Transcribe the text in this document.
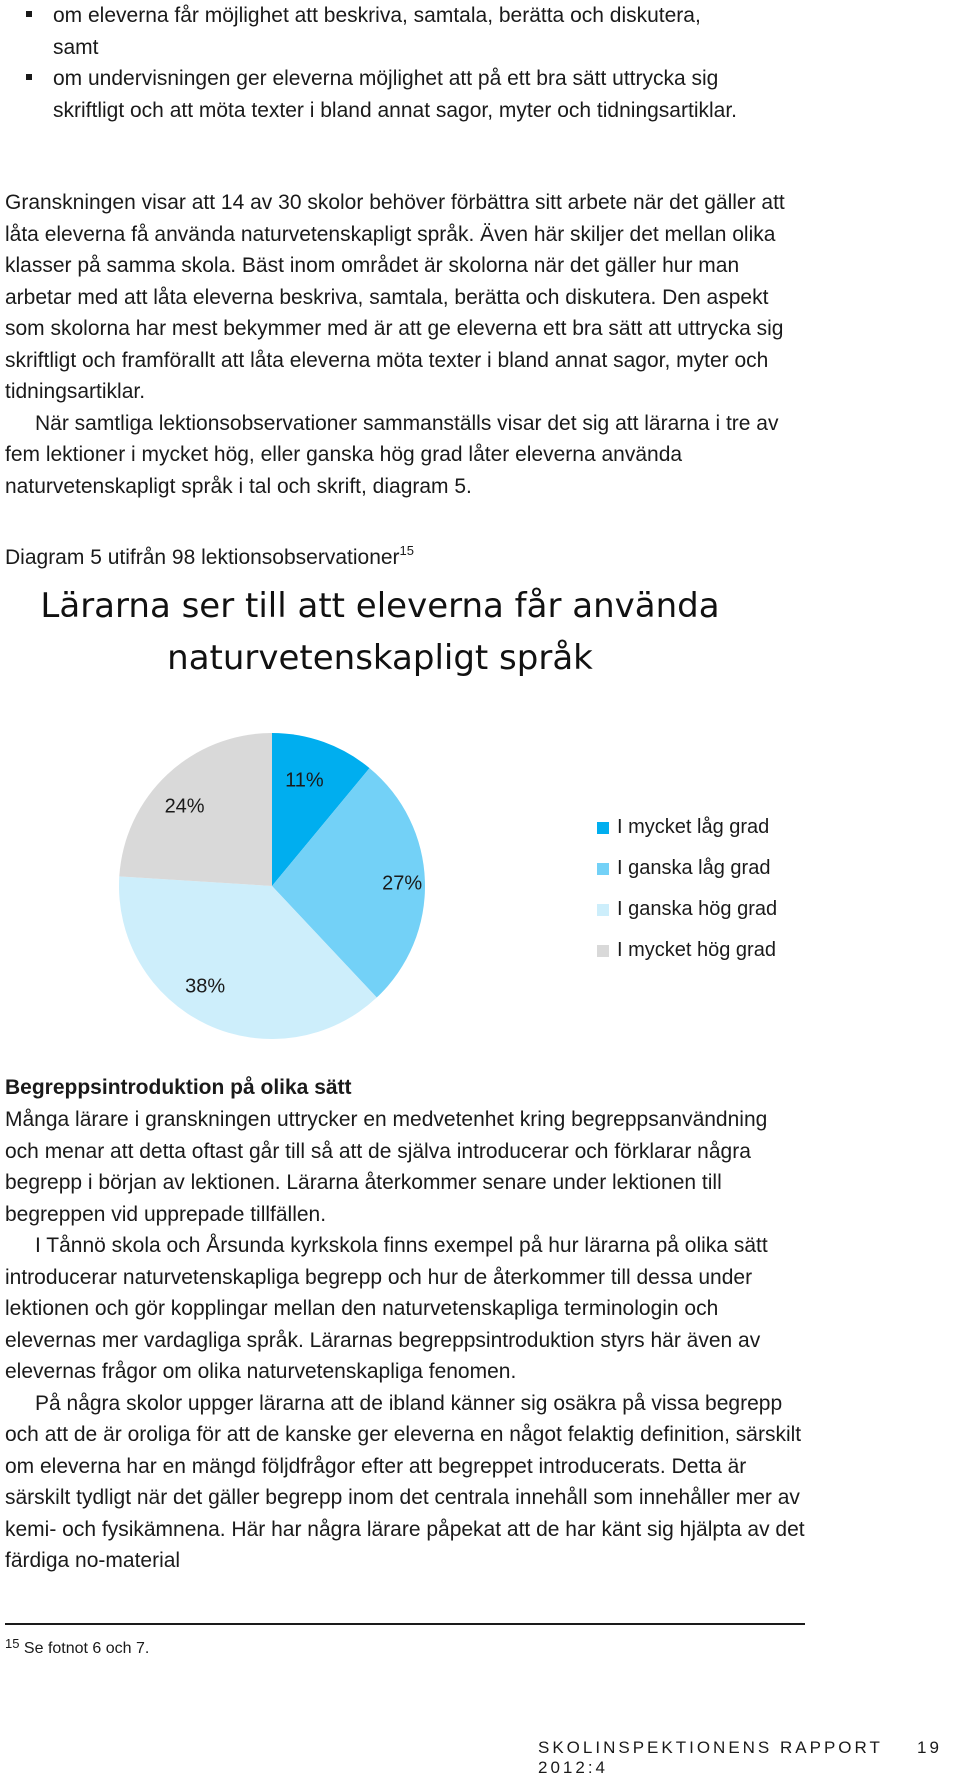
om eleverna får möjlighet att beskriva, samtala, berätta och diskutera, samt
om undervisningen ger eleverna möjlighet att på ett bra sätt uttrycka sig skriftligt och att möta texter i bland annat sagor, myter och tidningsartiklar.

Granskningen visar att 14 av 30 skolor behöver förbättra sitt arbete när det gäller att låta eleverna få använda naturvetenskapligt språk. Även här skiljer det mellan olika klasser på samma skola. Bäst inom området är skolorna när det gäller hur man arbetar med att låta eleverna beskriva, samtala, berätta och diskutera. Den aspekt som skolorna har mest bekymmer med är att ge eleverna ett bra sätt att uttrycka sig skriftligt och framförallt att låta eleverna möta texter i bland annat sagor, myter och tidningsartiklar.

När samtliga lektionsobservationer sammanställs visar det sig att lärarna i tre av fem lektioner i mycket hög, eller ganska hög grad låter eleverna använda naturvetenskapligt språk i tal och skrift, diagram 5.

Diagram 5 utifrån 98 lektionsobservationer$^{15}$
Lärarna ser till att eleverna får använda
naturvetenskapligt språk
11%
27%
38%
24%
I mycket låg grad
I ganska låg grad
I ganska hög grad
I mycket hög grad
Begreppsintroduktion på olika sätt

Många lärare i granskningen uttrycker en medvetenhet kring begreppsanvändning och menar att detta oftast går till så att de själva introducerar och förklarar några begrepp i början av lektionen. Lärarna återkommer senare under lektionen till begreppen vid upprepade tillfällen.

I Tånnö skola och Årsunda kyrkskola finns exempel på hur lärarna på olika sätt introducerar naturvetenskapliga begrepp och hur de återkommer till dessa under lektionen och gör kopplingar mellan den naturvetenskapliga terminologin och elevernas mer vardagliga språk. Lärarnas begreppsintroduktion styrs här även av elevernas frågor om olika naturvetenskapliga fenomen.

På några skolor uppger lärarna att de ibland känner sig osäkra på vissa begrepp och att de är oroliga för att de kanske ger eleverna en något felaktig definition, särskilt om eleverna har en mängd följdfrågor efter att begreppet introducerats. Detta är särskilt tydligt när det gäller begrepp inom det centrala innehåll som innehåller mer av kemi- och fysikämnena. Här har några lärare påpekat att de har känt sig hjälpta av det färdiga no-material

$^{15}$ Se fotnot 6 och 7.
SKOLINSPEKTIONENS RAPPORT 2012:4
19
